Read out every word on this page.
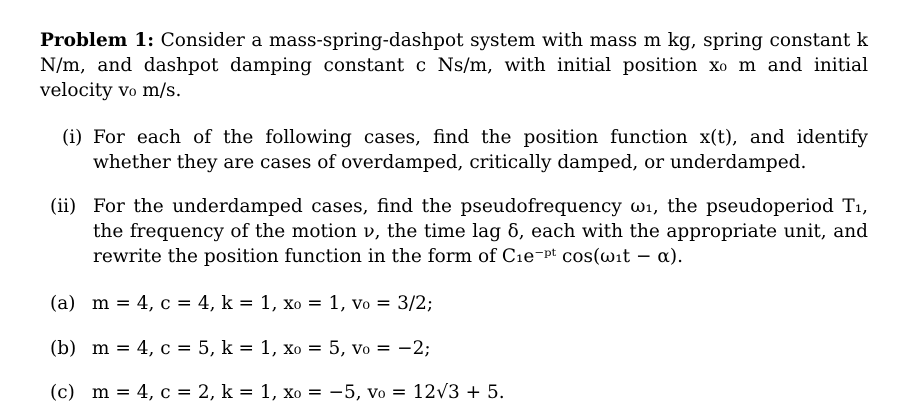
Problem 1: Consider a mass-spring-dashpot system with mass m kg, spring constant k N/m, and dashpot damping constant c Ns/m, with initial position x₀ m and initial velocity v₀ m/s.
(i) For each of the following cases, find the position function x(t), and identify whether they are cases of overdamped, critically damped, or underdamped.
(ii) For the underdamped cases, find the pseudofrequency ω₁, the pseudoperiod T₁, the frequency of the motion ν, the time lag δ, each with the appropriate unit, and rewrite the position function in the form of C₁e⁻ᵖᵗ cos(ω₁t − α).
(a) m = 4, c = 4, k = 1, x₀ = 1, v₀ = 3/2;
(b) m = 4, c = 5, k = 1, x₀ = 5, v₀ = −2;
(c) m = 4, c = 2, k = 1, x₀ = −5, v₀ = 12√3 + 5.
